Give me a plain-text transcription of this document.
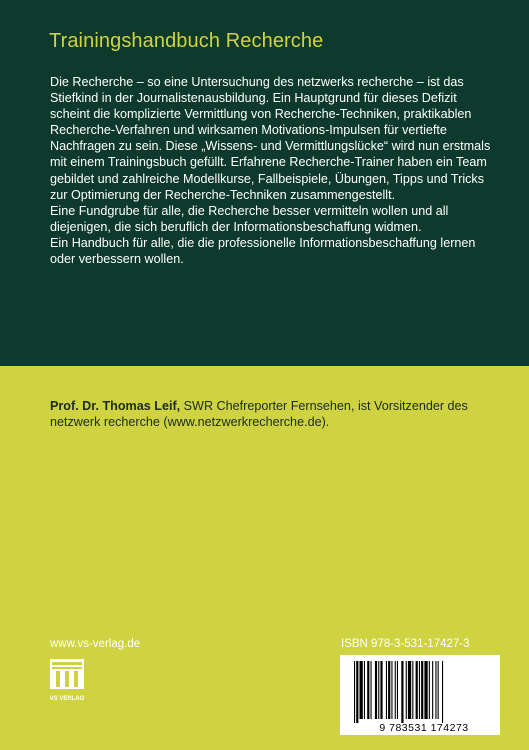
Trainingshandbuch Recherche

Die Recherche – so eine Untersuchung des netzwerks recherche – ist das Stiefkind in der Journalistenausbildung. Ein Hauptgrund für dieses Defizit scheint die komplizierte Vermittlung von Recherche-Techniken, praktikablen Recherche-Verfahren und wirksamen Motivations-Impulsen für vertiefte Nachfragen zu sein. Diese „Wissens- und Vermittlungslücke“ wird nun erstmals mit einem Trainingsbuch gefüllt. Erfahrene Recherche-Trainer haben ein Team gebildet und zahlreiche Modellkurse, Fallbeispiele, Übungen, Tipps und Tricks zur Optimierung der Recherche-Techniken zusammengestellt.

Eine Fundgrube für alle, die Recherche besser vermitteln wollen und all diejenigen, die sich beruflich der Informationsbeschaffung widmen.

Ein Handbuch für alle, die die professionelle Informationsbeschaffung lernen oder verbessern wollen.

Prof. Dr. Thomas Leif, SWR Chefreporter Fernsehen, ist Vorsitzender des netzwerk recherche (www.netzwerkrecherche.de).
www.vs-verlag.de
VS VERLAG
ISBN 978-3-531-17427-3
9 783531 174273
